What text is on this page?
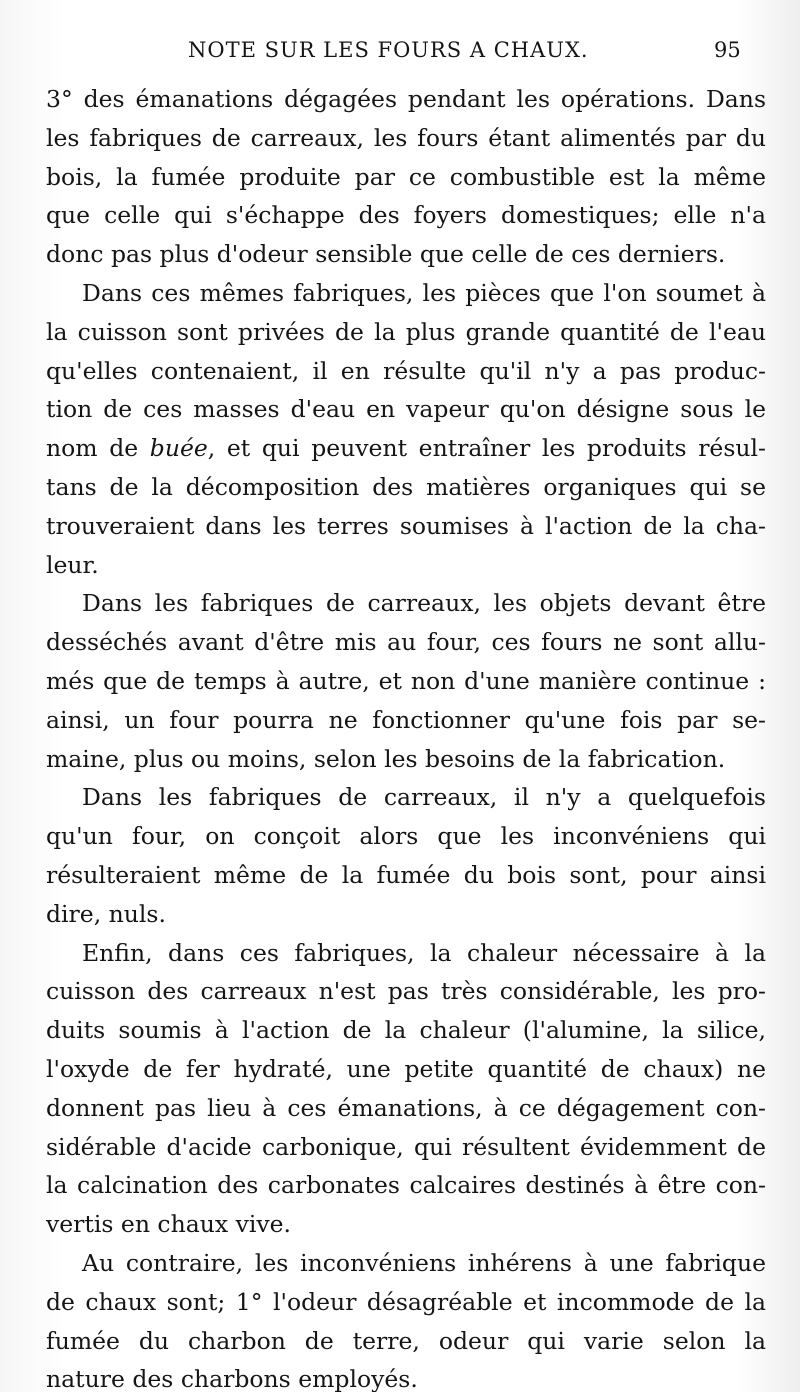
NOTE SUR LES FOURS A CHAUX.	95
3° des émanations dégagées pendant les opérations. Dans
les fabriques de carreaux, les fours étant alimentés par du
bois, la fumée produite par ce combustible est la même
que celle qui s'échappe des foyers domestiques; elle n'a
donc pas plus d'odeur sensible que celle de ces derniers.
Dans ces mêmes fabriques, les pièces que l'on soumet à
la cuisson sont privées de la plus grande quantité de l'eau
qu'elles contenaient, il en résulte qu'il n'y a pas produc-
tion de ces masses d'eau en vapeur qu'on désigne sous le
nom de buée, et qui peuvent entraîner les produits résul-
tans de la décomposition des matières organiques qui se
trouveraient dans les terres soumises à l'action de la cha-
leur.
Dans les fabriques de carreaux, les objets devant être
desséchés avant d'être mis au four, ces fours ne sont allu-
més que de temps à autre, et non d'une manière continue :
ainsi, un four pourra ne fonctionner qu'une fois par se-
maine, plus ou moins, selon les besoins de la fabrication.
Dans les fabriques de carreaux, il n'y a quelquefois
qu'un four, on conçoit alors que les inconvéniens qui
résulteraient même de la fumée du bois sont, pour ainsi
dire, nuls.
Enfin, dans ces fabriques, la chaleur nécessaire à la
cuisson des carreaux n'est pas très considérable, les pro-
duits soumis à l'action de la chaleur (l'alumine, la silice,
l'oxyde de fer hydraté, une petite quantité de chaux) ne
donnent pas lieu à ces émanations, à ce dégagement con-
sidérable d'acide carbonique, qui résultent évidemment de
la calcination des carbonates calcaires destinés à être con-
vertis en chaux vive.
Au contraire, les inconvéniens inhérens à une fabrique
de chaux sont; 1° l'odeur désagréable et incommode de la
fumée du charbon de terre, odeur qui varie selon la
nature des charbons employés.
